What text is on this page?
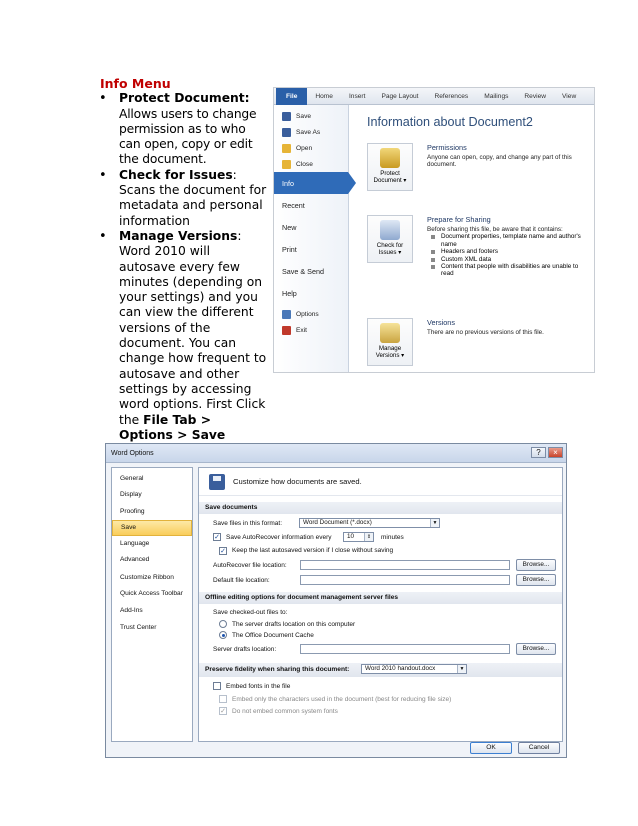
Info Menu
• Protect Document: Allows users to change permission as to who can open, copy or edit the document.
• Check for Issues: Scans the document for metadata and personal information
• Manage Versions: Word 2010 will autosave every few minutes (depending on your settings) and you can view the different versions of the document. You can change how frequent to autosave and other settings by accessing word options. First Click the File Tab > Options > Save
File	Home	Insert	Page Layout	References	Mailings	Review	View
Save
Save As
Open
Close
Info
Recent
New
Print
Save & Send
Help
Options
Exit
Information about Document2
Protect
Document ▾
Permissions

Anyone can open, copy, and change any part of this document.

Check for
Issues ▾
Prepare for Sharing

Before sharing this file, be aware that it contains:

Document properties, template name and author's name
Headers and footers
Custom XML data
Content that people with disabilities are unable to read
Manage
Versions ▾
Versions

There are no previous versions of this file.

Word Options	?	×
General
Display
Proofing
Save
Language
Advanced
Customize Ribbon
Quick Access Toolbar
Add-Ins
Trust Center
Customize how documents are saved.
Save documents
Save files in this format:	Word Document (*.docx)	▼
✓ Save AutoRecover information every	10	⇕ minutes
✓ Keep the last autosaved version if I close without saving
AutoRecover file location:	Browse...
Default file location:	Browse...
Offline editing options for document management server files
Save checked-out files to:
The server drafts location on this computer
The Office Document Cache
Server drafts location:	Browse...
Preserve fidelity when sharing this document:	Word 2010 handout.docx	▼
Embed fonts in the file
Embed only the characters used in the document (best for reducing file size)
✓ Do not embed common system fonts
OK	Cancel
